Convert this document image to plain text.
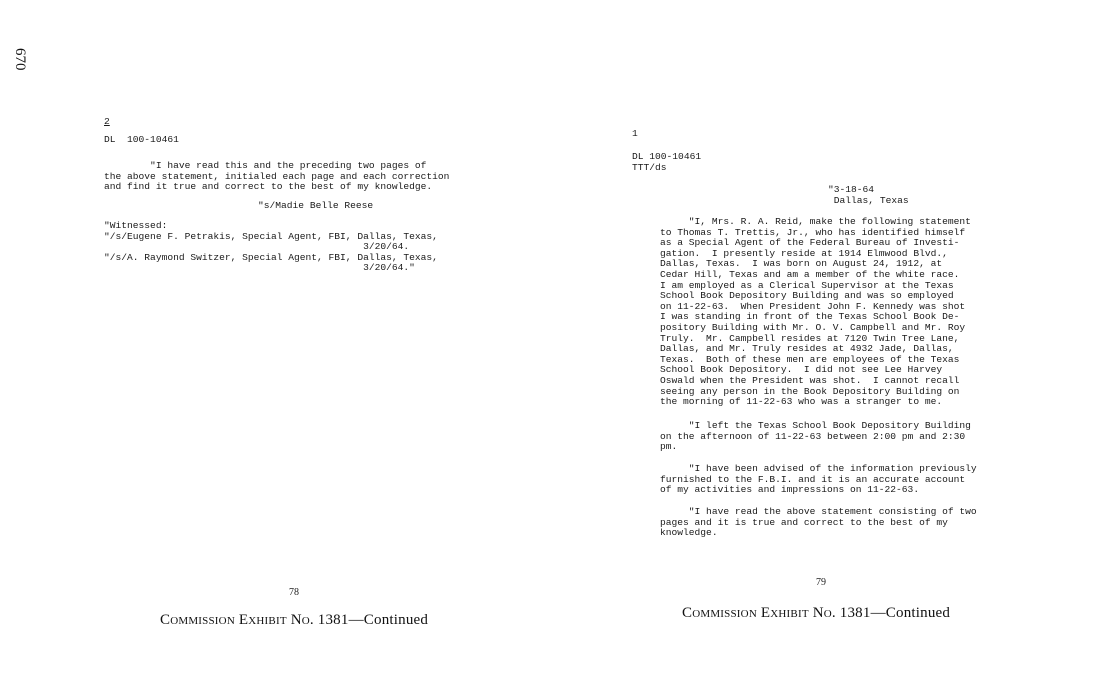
670
2
DL  100-10461
"I have read this and the preceding two pages of
the above statement, initialed each page and each correction
and find it true and correct to the best of my knowledge.
"s/Madie Belle Reese
"Witnessed:
"/s/Eugene F. Petrakis, Special Agent, FBI, Dallas, Texas,
3/20/64.
"/s/A. Raymond Switzer, Special Agent, FBI, Dallas, Texas,
3/20/64."
78
Commission Exhibit No. 1381—Continued
1
DL 100-10461
TTT/ds
"3-18-64
Dallas, Texas
"I, Mrs. R. A. Reid, make the following statement
to Thomas T. Trettis, Jr., who has identified himself
as a Special Agent of the Federal Bureau of Investi-
gation.  I presently reside at 1914 Elmwood Blvd.,
Dallas, Texas.  I was born on August 24, 1912, at
Cedar Hill, Texas and am a member of the white race.
I am employed as a Clerical Supervisor at the Texas
School Book Depository Building and was so employed
on 11-22-63.  When President John F. Kennedy was shot
I was standing in front of the Texas School Book De-
pository Building with Mr. O. V. Campbell and Mr. Roy
Truly.  Mr. Campbell resides at 7120 Twin Tree Lane,
Dallas, and Mr. Truly resides at 4932 Jade, Dallas,
Texas.  Both of these men are employees of the Texas
School Book Depository.  I did not see Lee Harvey
Oswald when the President was shot.  I cannot recall
seeing any person in the Book Depository Building on
the morning of 11-22-63 who was a stranger to me.
"I left the Texas School Book Depository Building
on the afternoon of 11-22-63 between 2:00 pm and 2:30
pm.
"I have been advised of the information previously
furnished to the F.B.I. and it is an accurate account
of my activities and impressions on 11-22-63.
"I have read the above statement consisting of two
pages and it is true and correct to the best of my
knowledge.
79
Commission Exhibit No. 1381—Continued
